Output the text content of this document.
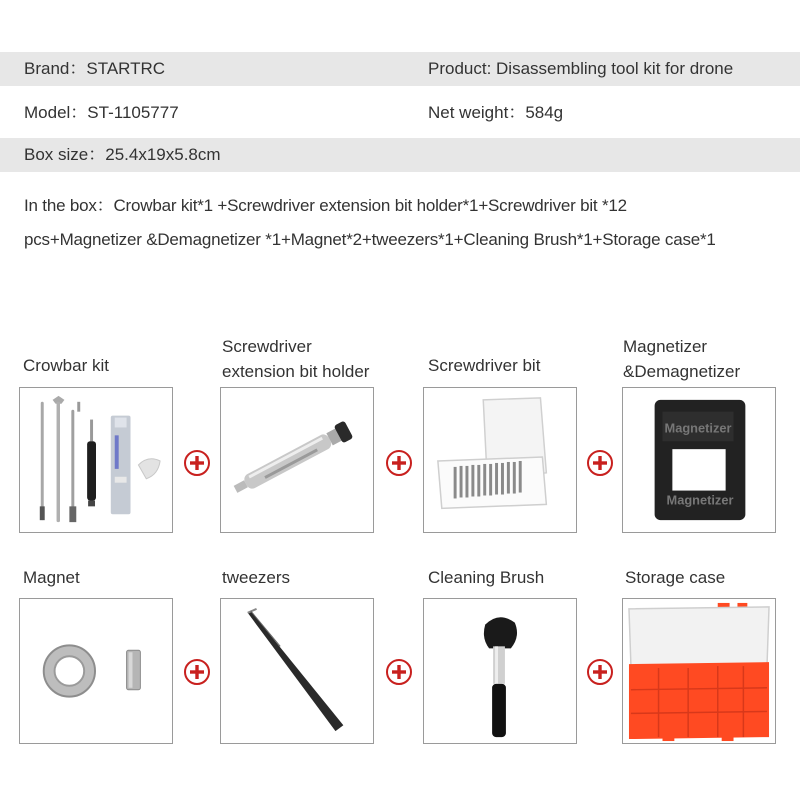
Brand：STARTRC	Product: Disassembling tool kit for drone
Model：ST-1105777	Net weight：584g
Box size：25.4x19x5.8cm
In the box：Crowbar kit*1 +Screwdriver extension bit holder*1+Screwdriver bit *12
pcs+Magnetizer &Demagnetizer *1+Magnet*2+tweezers*1+Cleaning Brush*1+Storage case*1
Crowbar kit
Screwdriver
extension bit holder	Screwdriver bit
Magnetizer
&Demagnetizer
Magnetizer
Magnetizer
Magnet	tweezers	Cleaning Brush	Storage case
